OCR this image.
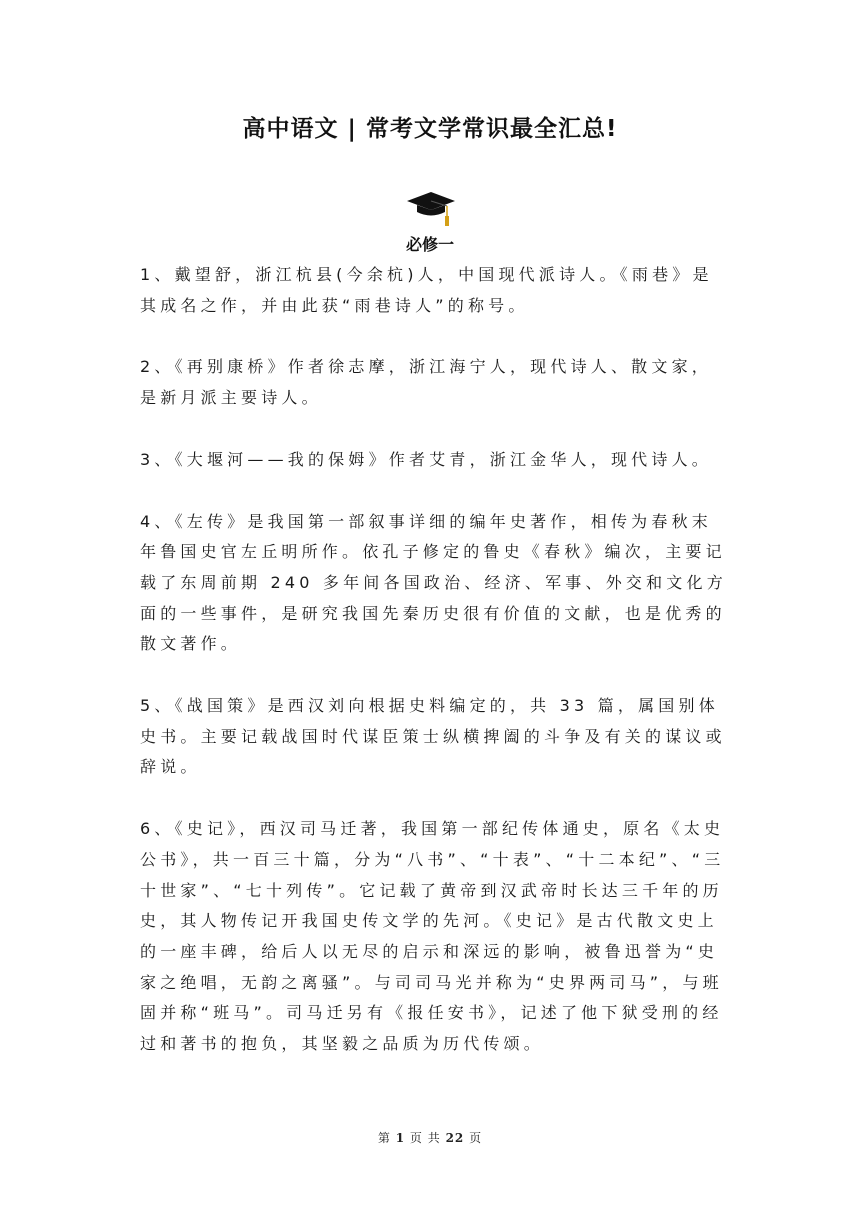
高中语文 | 常考文学常识最全汇总!
必修一

1、戴望舒，浙江杭县(今余杭)人，中国现代派诗人。《雨巷》是其成名之作，并由此获“雨巷诗人”的称号。

2、《再别康桥》作者徐志摩，浙江海宁人，现代诗人、散文家，是新月派主要诗人。

3、《大堰河——我的保姆》作者艾青，浙江金华人，现代诗人。

4、《左传》是我国第一部叙事详细的编年史著作，相传为春秋末年鲁国史官左丘明所作。依孔子修定的鲁史《春秋》编次，主要记载了东周前期 240 多年间各国政治、经济、军事、外交和文化方面的一些事件，是研究我国先秦历史很有价值的文献，也是优秀的散文著作。

5、《战国策》是西汉刘向根据史料编定的，共 33 篇，属国别体史书。主要记载战国时代谋臣策士纵横捭阖的斗争及有关的谋议或辞说。

6、《史记》，西汉司马迁著，我国第一部纪传体通史，原名《太史公书》，共一百三十篇，分为“八书”、“十表”、“十二本纪”、“三十世家”、“七十列传”。它记载了黄帝到汉武帝时长达三千年的历史，其人物传记开我国史传文学的先河。《史记》是古代散文史上的一座丰碑，给后人以无尽的启示和深远的影响，被鲁迅誉为“史家之绝唱，无韵之离骚”。与司司马光并称为“史界两司马”，与班固并称“班马”。司马迁另有《报任安书》，记述了他下狱受刑的经过和著书的抱负，其坚毅之品质为历代传颂。

第 1 页 共 22 页
